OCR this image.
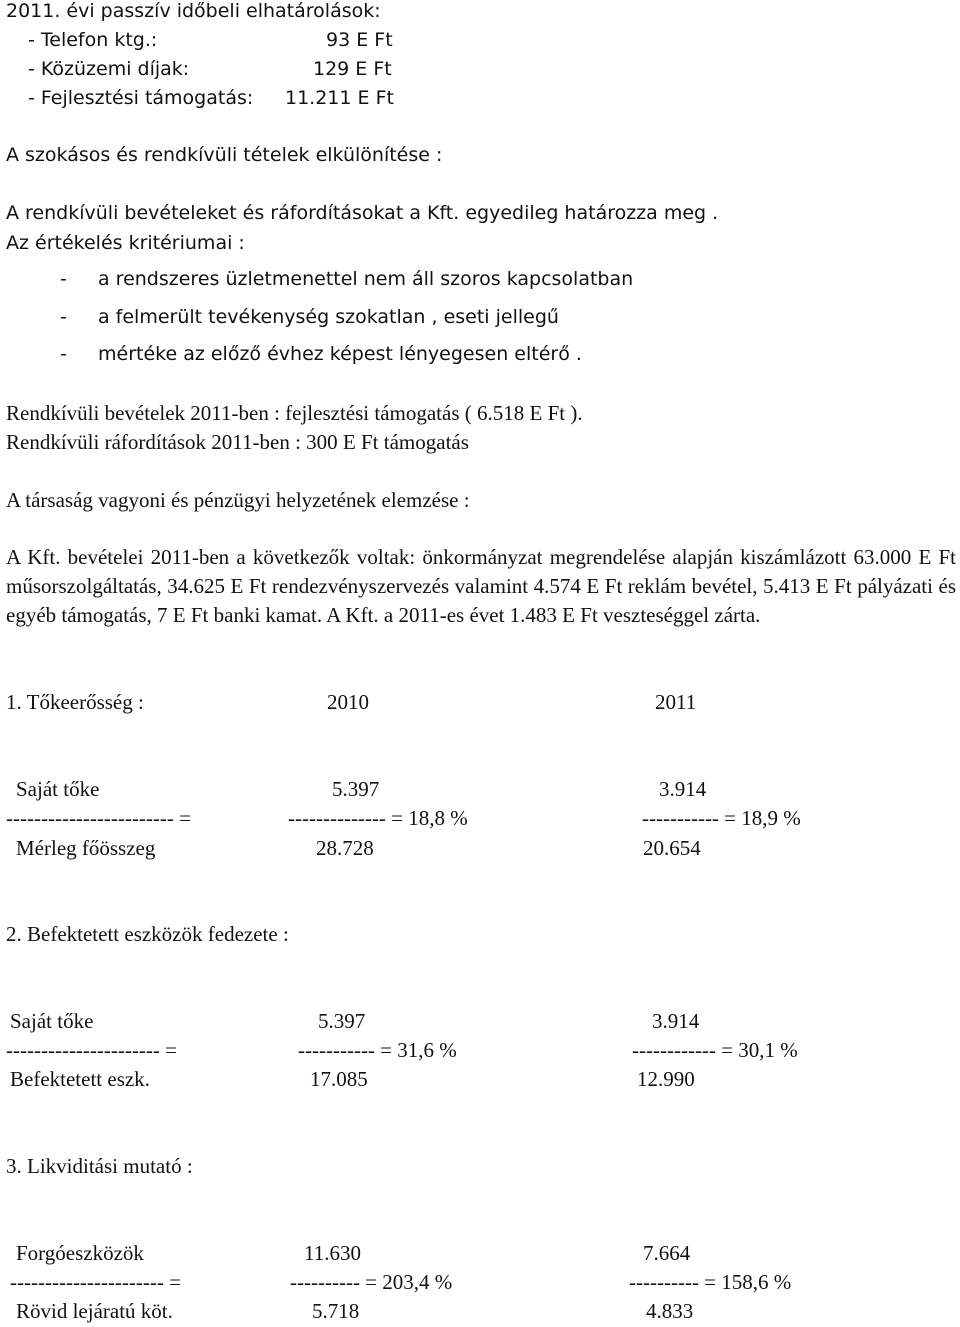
2011. évi passzív időbeli elhatárolások:
- Telefon ktg.:	93 E Ft
- Közüzemi díjak:	129 E Ft
- Fejlesztési támogatás: 11.211 E Ft
A szokásos és rendkívüli tételek elkülönítése :
A rendkívüli bevételeket és ráfordításokat a Kft. egyedileg határozza meg .
Az értékelés kritériumai :
- a rendszeres üzletmenettel nem áll szoros kapcsolatban
- a felmerült tevékenység szokatlan , eseti jellegű
- mértéke az előző évhez képest lényegesen eltérő .
Rendkívüli bevételek 2011-ben : fejlesztési támogatás ( 6.518 E Ft ).
Rendkívüli ráfordítások 2011-ben : 300 E Ft támogatás
A társaság vagyoni és pénzügyi helyzetének elemzése :
A Kft. bevételei 2011-ben a következők voltak: önkormányzat megrendelése alapján kiszámlázott 63.000 E Ft műsorszolgáltatás, 34.625 E Ft rendezvényszervezés valamint 4.574 E Ft reklám bevétel, 5.413 E Ft pályázati és egyéb támogatás, 7 E Ft banki kamat. A Kft. a 2011-es évet 1.483 E Ft veszteséggel zárta.
1. Tőkeerősség :	2010	2011
Saját tőke	5.397	3.914
------------------------ =	-------------- = 18,8 %	----------- = 18,9 %
Mérleg főösszeg	28.728	20.654
2. Befektetett eszközök fedezete :
Saját tőke	5.397	3.914
---------------------- =	----------- = 31,6 %	------------ = 30,1 %
Befektetett eszk.	17.085	12.990
3. Likviditási mutató :
Forgóeszközök	11.630	7.664
---------------------- =	---------- = 203,4 %	---------- = 158,6 %
Rövid lejáratú köt.	5.718	4.833
